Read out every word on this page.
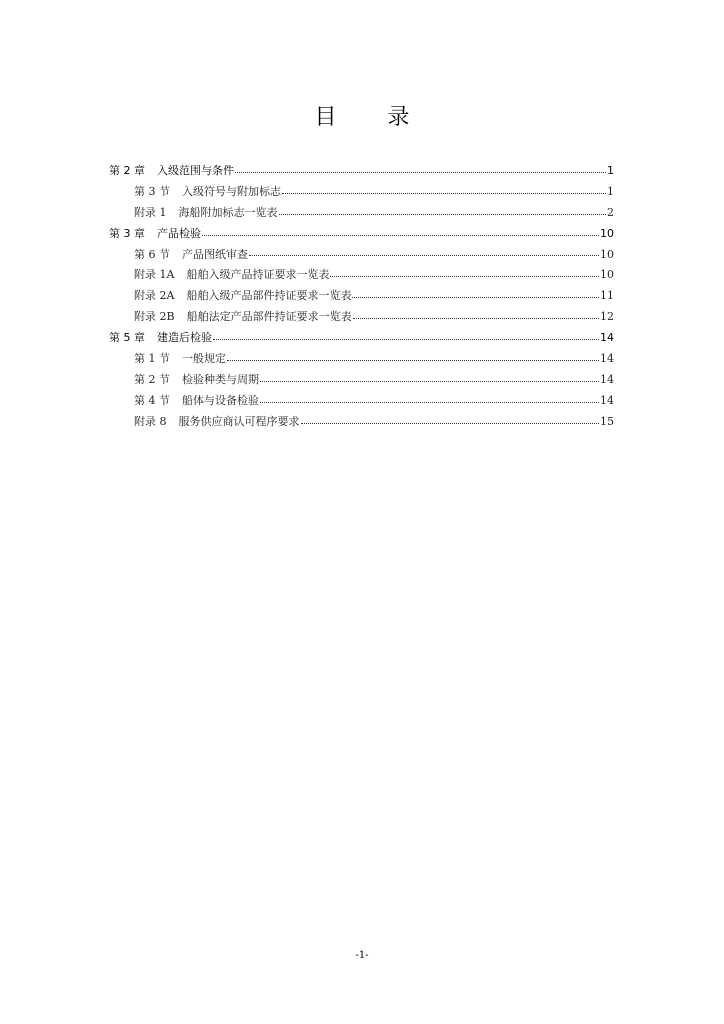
目 录
第 2 章	入级范围与条件	1
第 3 节	入级符号与附加标志	1
附录 1	海船附加标志一览表	2
第 3 章	产品检验	10
第 6 节	产品图纸审查	10
附录 1A	船舶入级产品持证要求一览表	10
附录 2A	船舶入级产品部件持证要求一览表	11
附录 2B	船舶法定产品部件持证要求一览表	12
第 5 章	建造后检验	14
第 1 节	一般规定	14
第 2 节	检验种类与周期	14
第 4 节	船体与设备检验	14
附录 8	服务供应商认可程序要求	15
-1-
